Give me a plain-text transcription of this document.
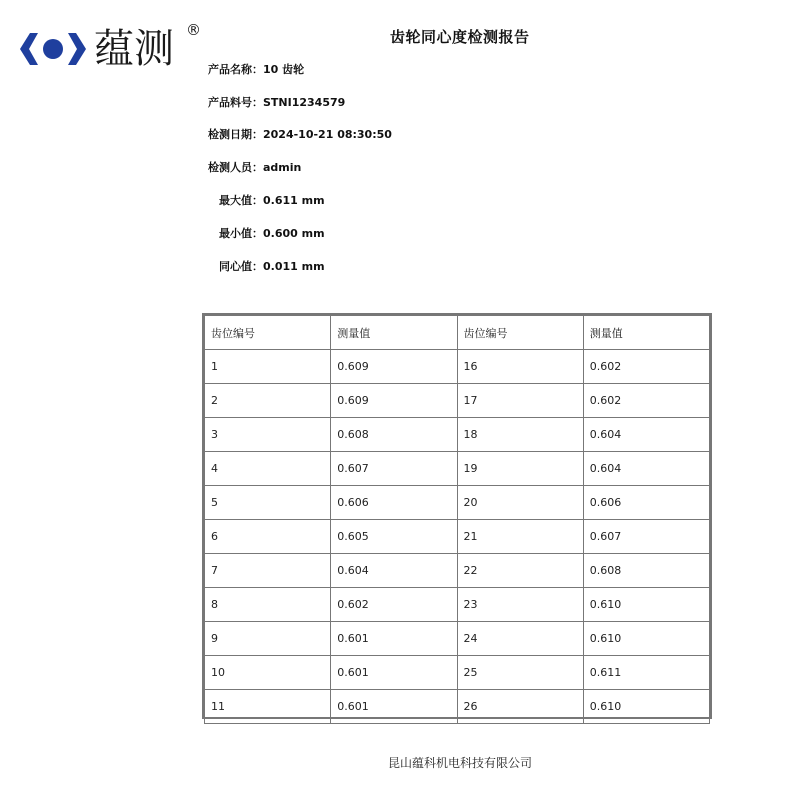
蕴测 ®	齿轮同心度检测报告
产品名称：10 齿轮
产品料号：STNI1234579
检测日期：2024-10-21 08:30:50
检测人员：admin
最大值：0.611 mm
最小值：0.600 mm
同心值：0.011 mm
齿位编号	测量值	齿位编号	测量值
1	0.609	16	0.602
2	0.609	17	0.602
3	0.608	18	0.604
4	0.607	19	0.604
5	0.606	20	0.606
6	0.605	21	0.607
7	0.604	22	0.608
8	0.602	23	0.610
9	0.601	24	0.610
10	0.601	25	0.611
11	0.601	26	0.610
昆山蕴科机电科技有限公司
